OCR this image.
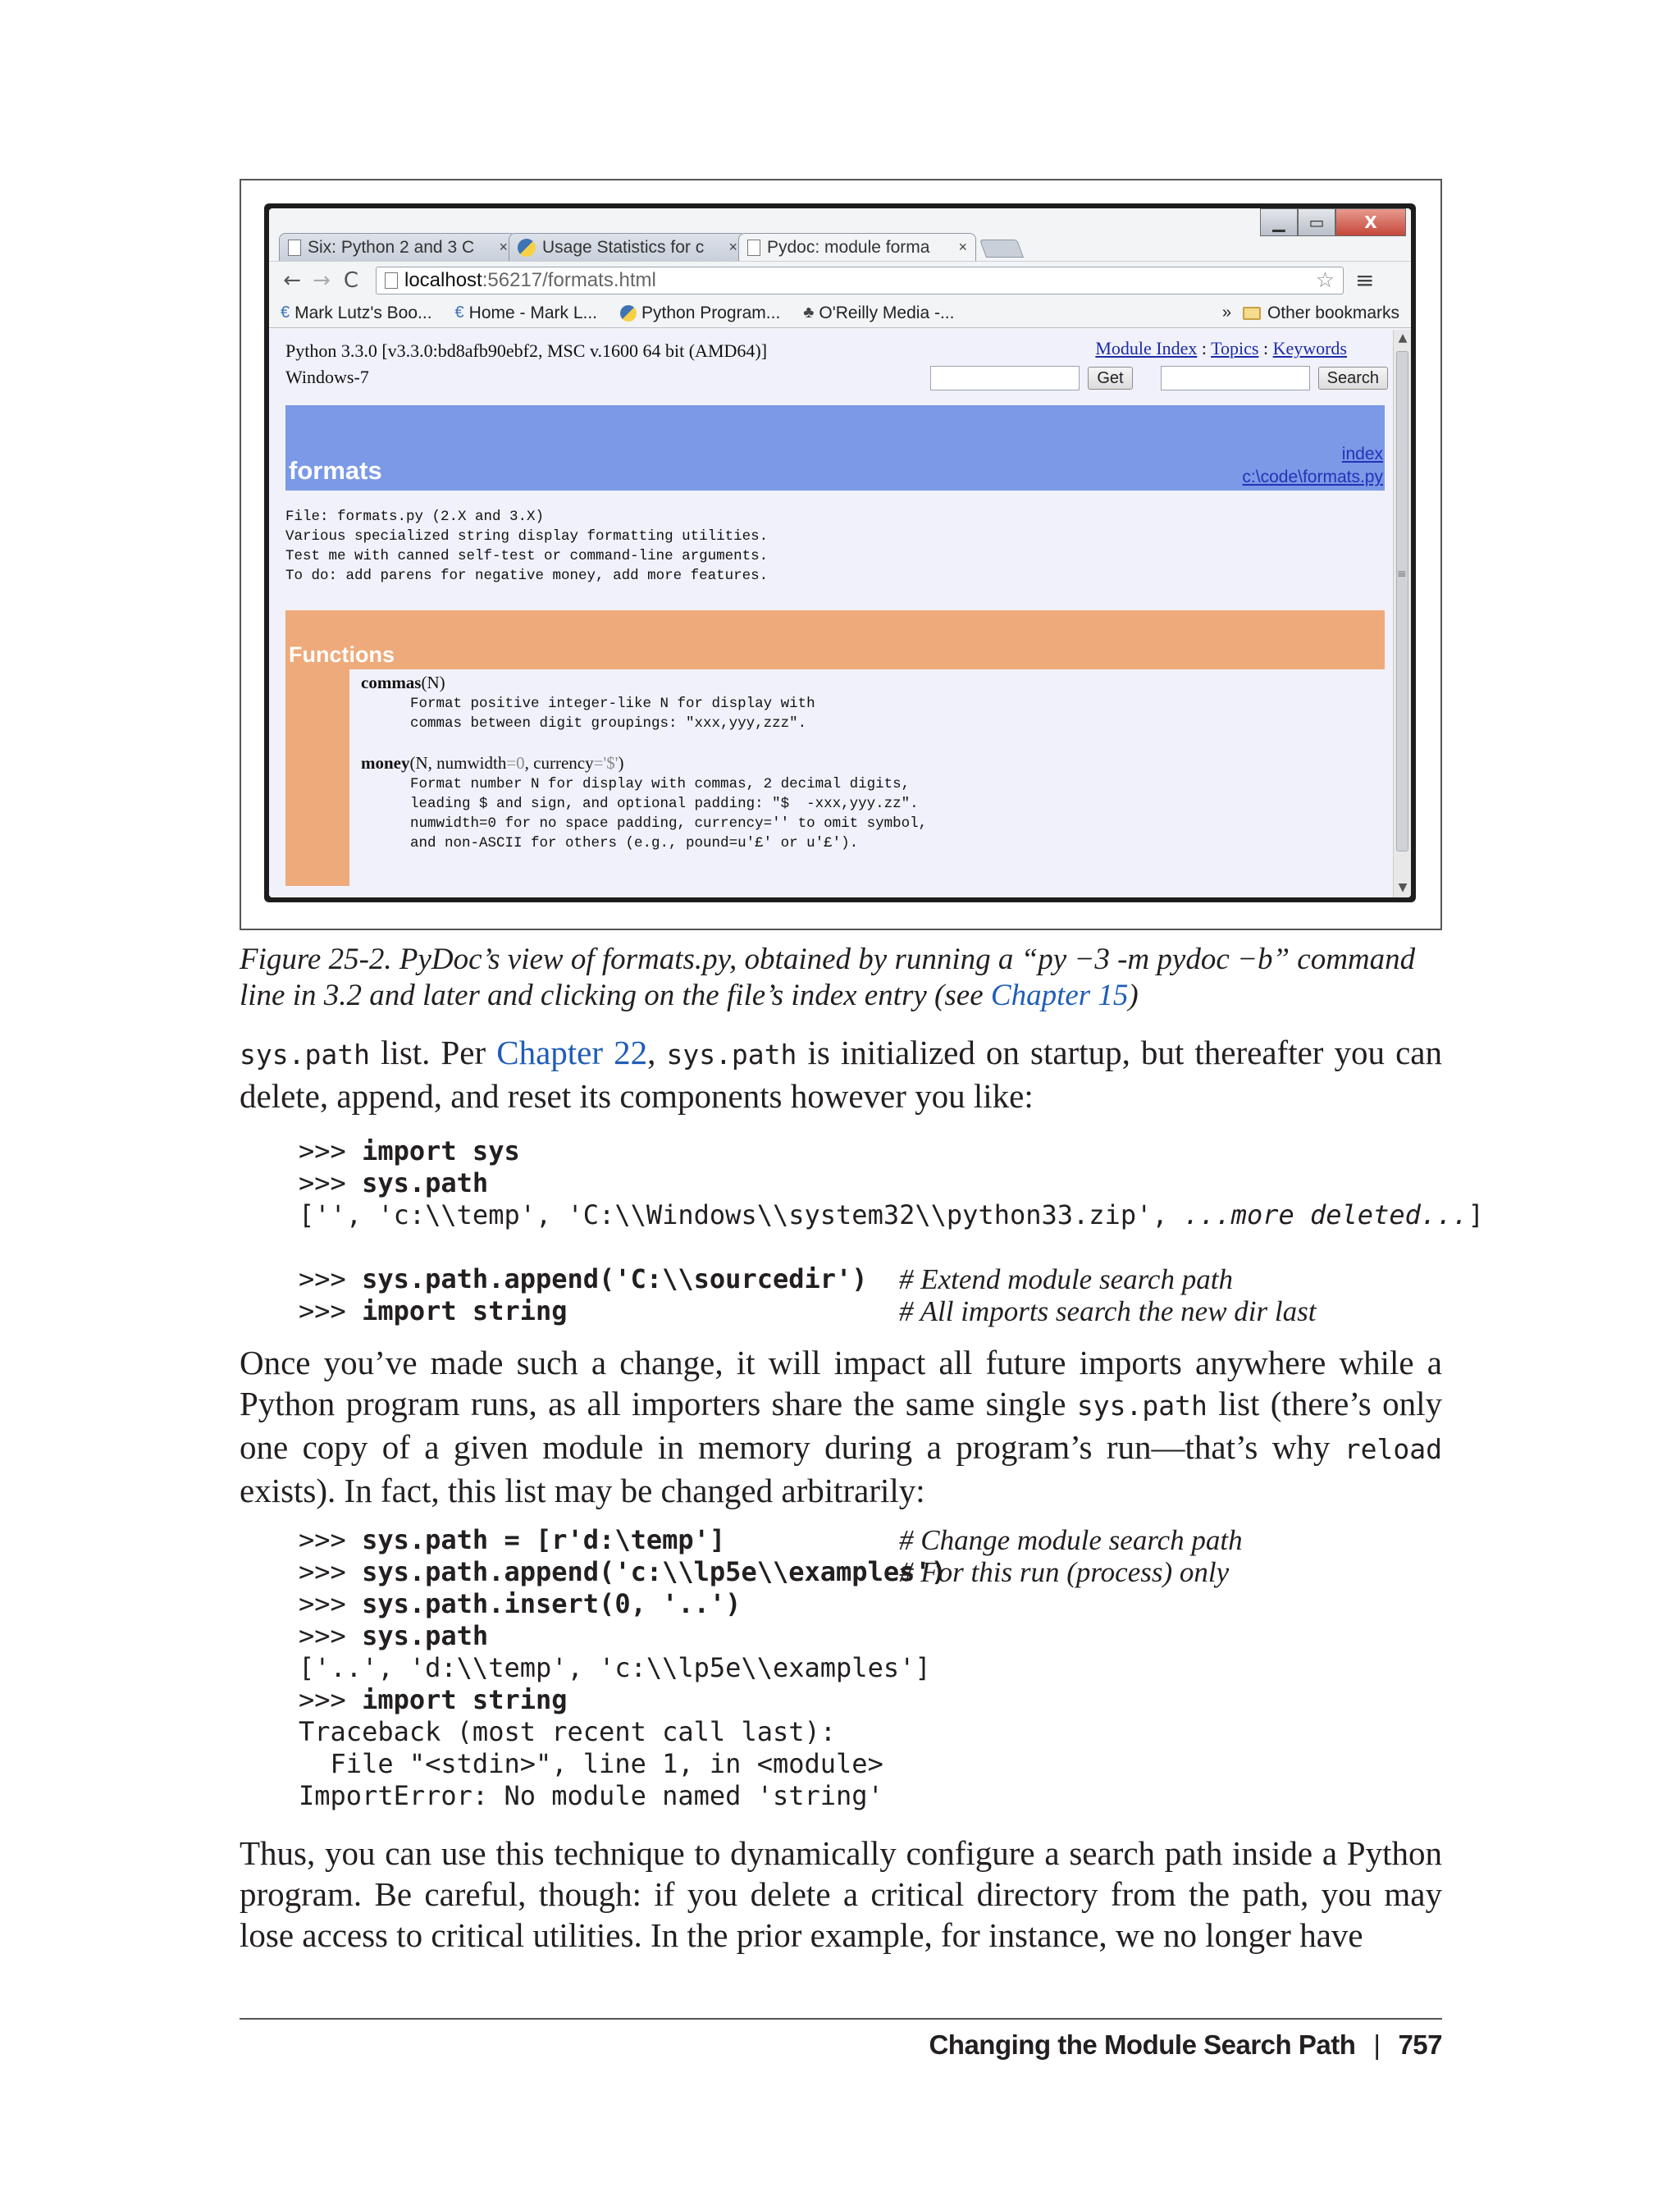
▁	▭	X
Six: Python 2 and 3 C	× Usage Statistics for c	× Pydoc: module forma	×
← → C	localhost :56217/formats.html	☆ ≡
€ Mark Lutz's Boo... € Home - Mark L...	Python Program... ♣ O'Reilly Media -...	» Other bookmarks
Python 3.3.0 [v3.3.0:bd8afb90ebf2, MSC v.1600 64 bit (AMD64)]
Windows-7
Module Index : Topics : Keywords
Get	Search
formats
index
c:\code\formats.py
File: formats.py (2.X and 3.X)
Various specialized string display formatting utilities.
Test me with canned self-test or command-line arguments.
To do: add parens for negative money, add more features.
Functions
commas(N)
Format positive integer-like N for display with
commas between digit groupings: "xxx,yyy,zzz".
money(N, numwidth=0, currency='$')
Format number N for display with commas, 2 decimal digits,
leading $ and sign, and optional padding: "$  -xxx,yyy.zz".
numwidth=0 for no space padding, currency='' to omit symbol,
and non-ASCII for others (e.g., pound=u'£' or u'£').
▲
≡
▼
Figure 25-2. PyDoc’s view of formats.py, obtained by running a “py −3 -m pydoc −b” command line in 3.2 and later and clicking on the file’s index entry (see Chapter 15)
sys.path list. Per Chapter 22, sys.path is initialized on startup, but thereafter you can delete, append, and reset its components however you like:
>>> import sys
>>> sys.path
['', 'c:\\temp', 'C:\\Windows\\system32\\python33.zip', ...more deleted...]
>>> sys.path.append('C:\\sourcedir')
>>> import string
# Extend module search path
# All imports search the new dir last
Once you’ve made such a change, it will impact all future imports anywhere while a Python program runs, as all importers share the same single sys.path list (there’s only one copy of a given module in memory during a program’s run—that’s why reload exists). In fact, this list may be changed arbitrarily:
>>> sys.path = [r'd:\temp']
>>> sys.path.append('c:\\lp5e\\examples')
>>> sys.path.insert(0, '..')
>>> sys.path
['..', 'd:\\temp', 'c:\\lp5e\\examples']
>>> import string
Traceback (most recent call last):
File "<stdin>", line 1, in <module>
ImportError: No module named 'string'
# Change module search path
# For this run (process) only
Thus, you can use this technique to dynamically configure a search path inside a Python program. Be careful, though: if you delete a critical directory from the path, you may lose access to critical utilities. In the prior example, for instance, we no longer have
Changing the Module Search Path | 757
